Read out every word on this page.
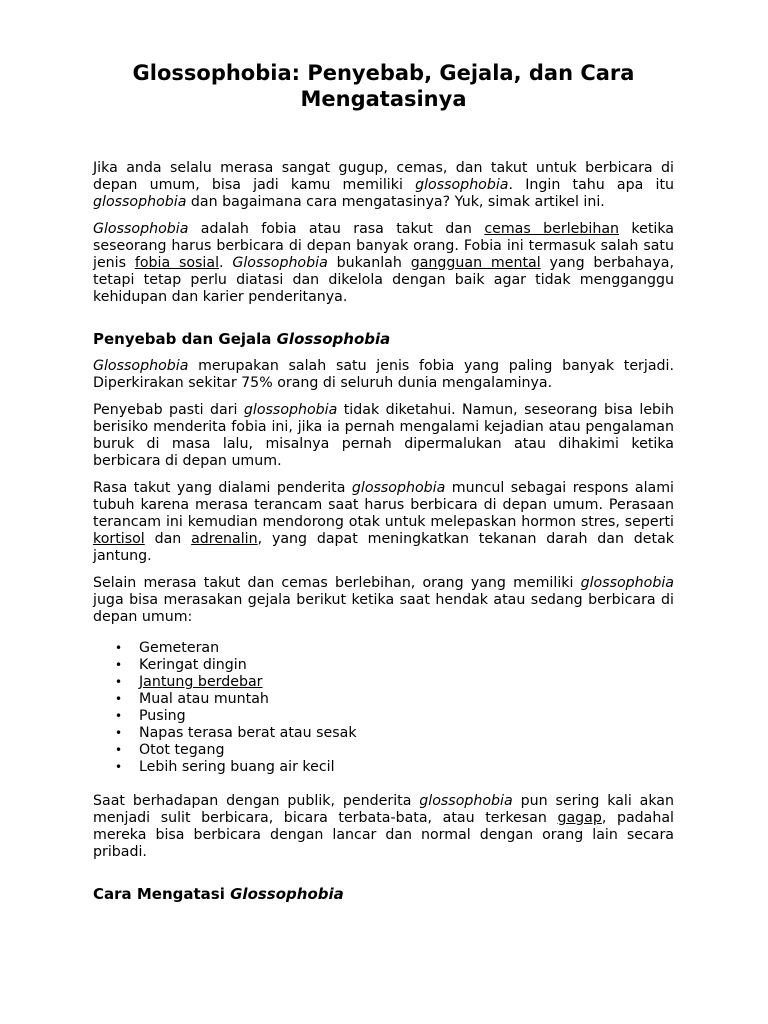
Glossophobia: Penyebab, Gejala, dan Cara Mengatasinya

Jika anda selalu merasa sangat gugup, cemas, dan takut untuk berbicara di depan umum, bisa jadi kamu memiliki glossophobia. Ingin tahu apa itu glossophobia dan bagaimana cara mengatasinya? Yuk, simak artikel ini.

Glossophobia adalah fobia atau rasa takut dan cemas berlebihan ketika seseorang harus berbicara di depan banyak orang. Fobia ini termasuk salah satu jenis fobia sosial. Glossophobia bukanlah gangguan mental yang berbahaya, tetapi tetap perlu diatasi dan dikelola dengan baik agar tidak mengganggu kehidupan dan karier penderitanya.

Penyebab dan Gejala Glossophobia

Glossophobia merupakan salah satu jenis fobia yang paling banyak terjadi. Diperkirakan sekitar 75% orang di seluruh dunia mengalaminya.

Penyebab pasti dari glossophobia tidak diketahui. Namun, seseorang bisa lebih berisiko menderita fobia ini, jika ia pernah mengalami kejadian atau pengalaman buruk di masa lalu, misalnya pernah dipermalukan atau dihakimi ketika berbicara di depan umum.

Rasa takut yang dialami penderita glossophobia muncul sebagai respons alami tubuh karena merasa terancam saat harus berbicara di depan umum. Perasaan terancam ini kemudian mendorong otak untuk melepaskan hormon stres, seperti kortisol dan adrenalin, yang dapat meningkatkan tekanan darah dan detak jantung.

Selain merasa takut dan cemas berlebihan, orang yang memiliki glossophobia juga bisa merasakan gejala berikut ketika saat hendak atau sedang berbicara di depan umum:

• Gemeteran
• Keringat dingin
• Jantung berdebar
• Mual atau muntah
• Pusing
• Napas terasa berat atau sesak
• Otot tegang
• Lebih sering buang air kecil

Saat berhadapan dengan publik, penderita glossophobia pun sering kali akan menjadi sulit berbicara, bicara terbata-bata, atau terkesan gagap, padahal mereka bisa berbicara dengan lancar dan normal dengan orang lain secara pribadi.

Cara Mengatasi Glossophobia
